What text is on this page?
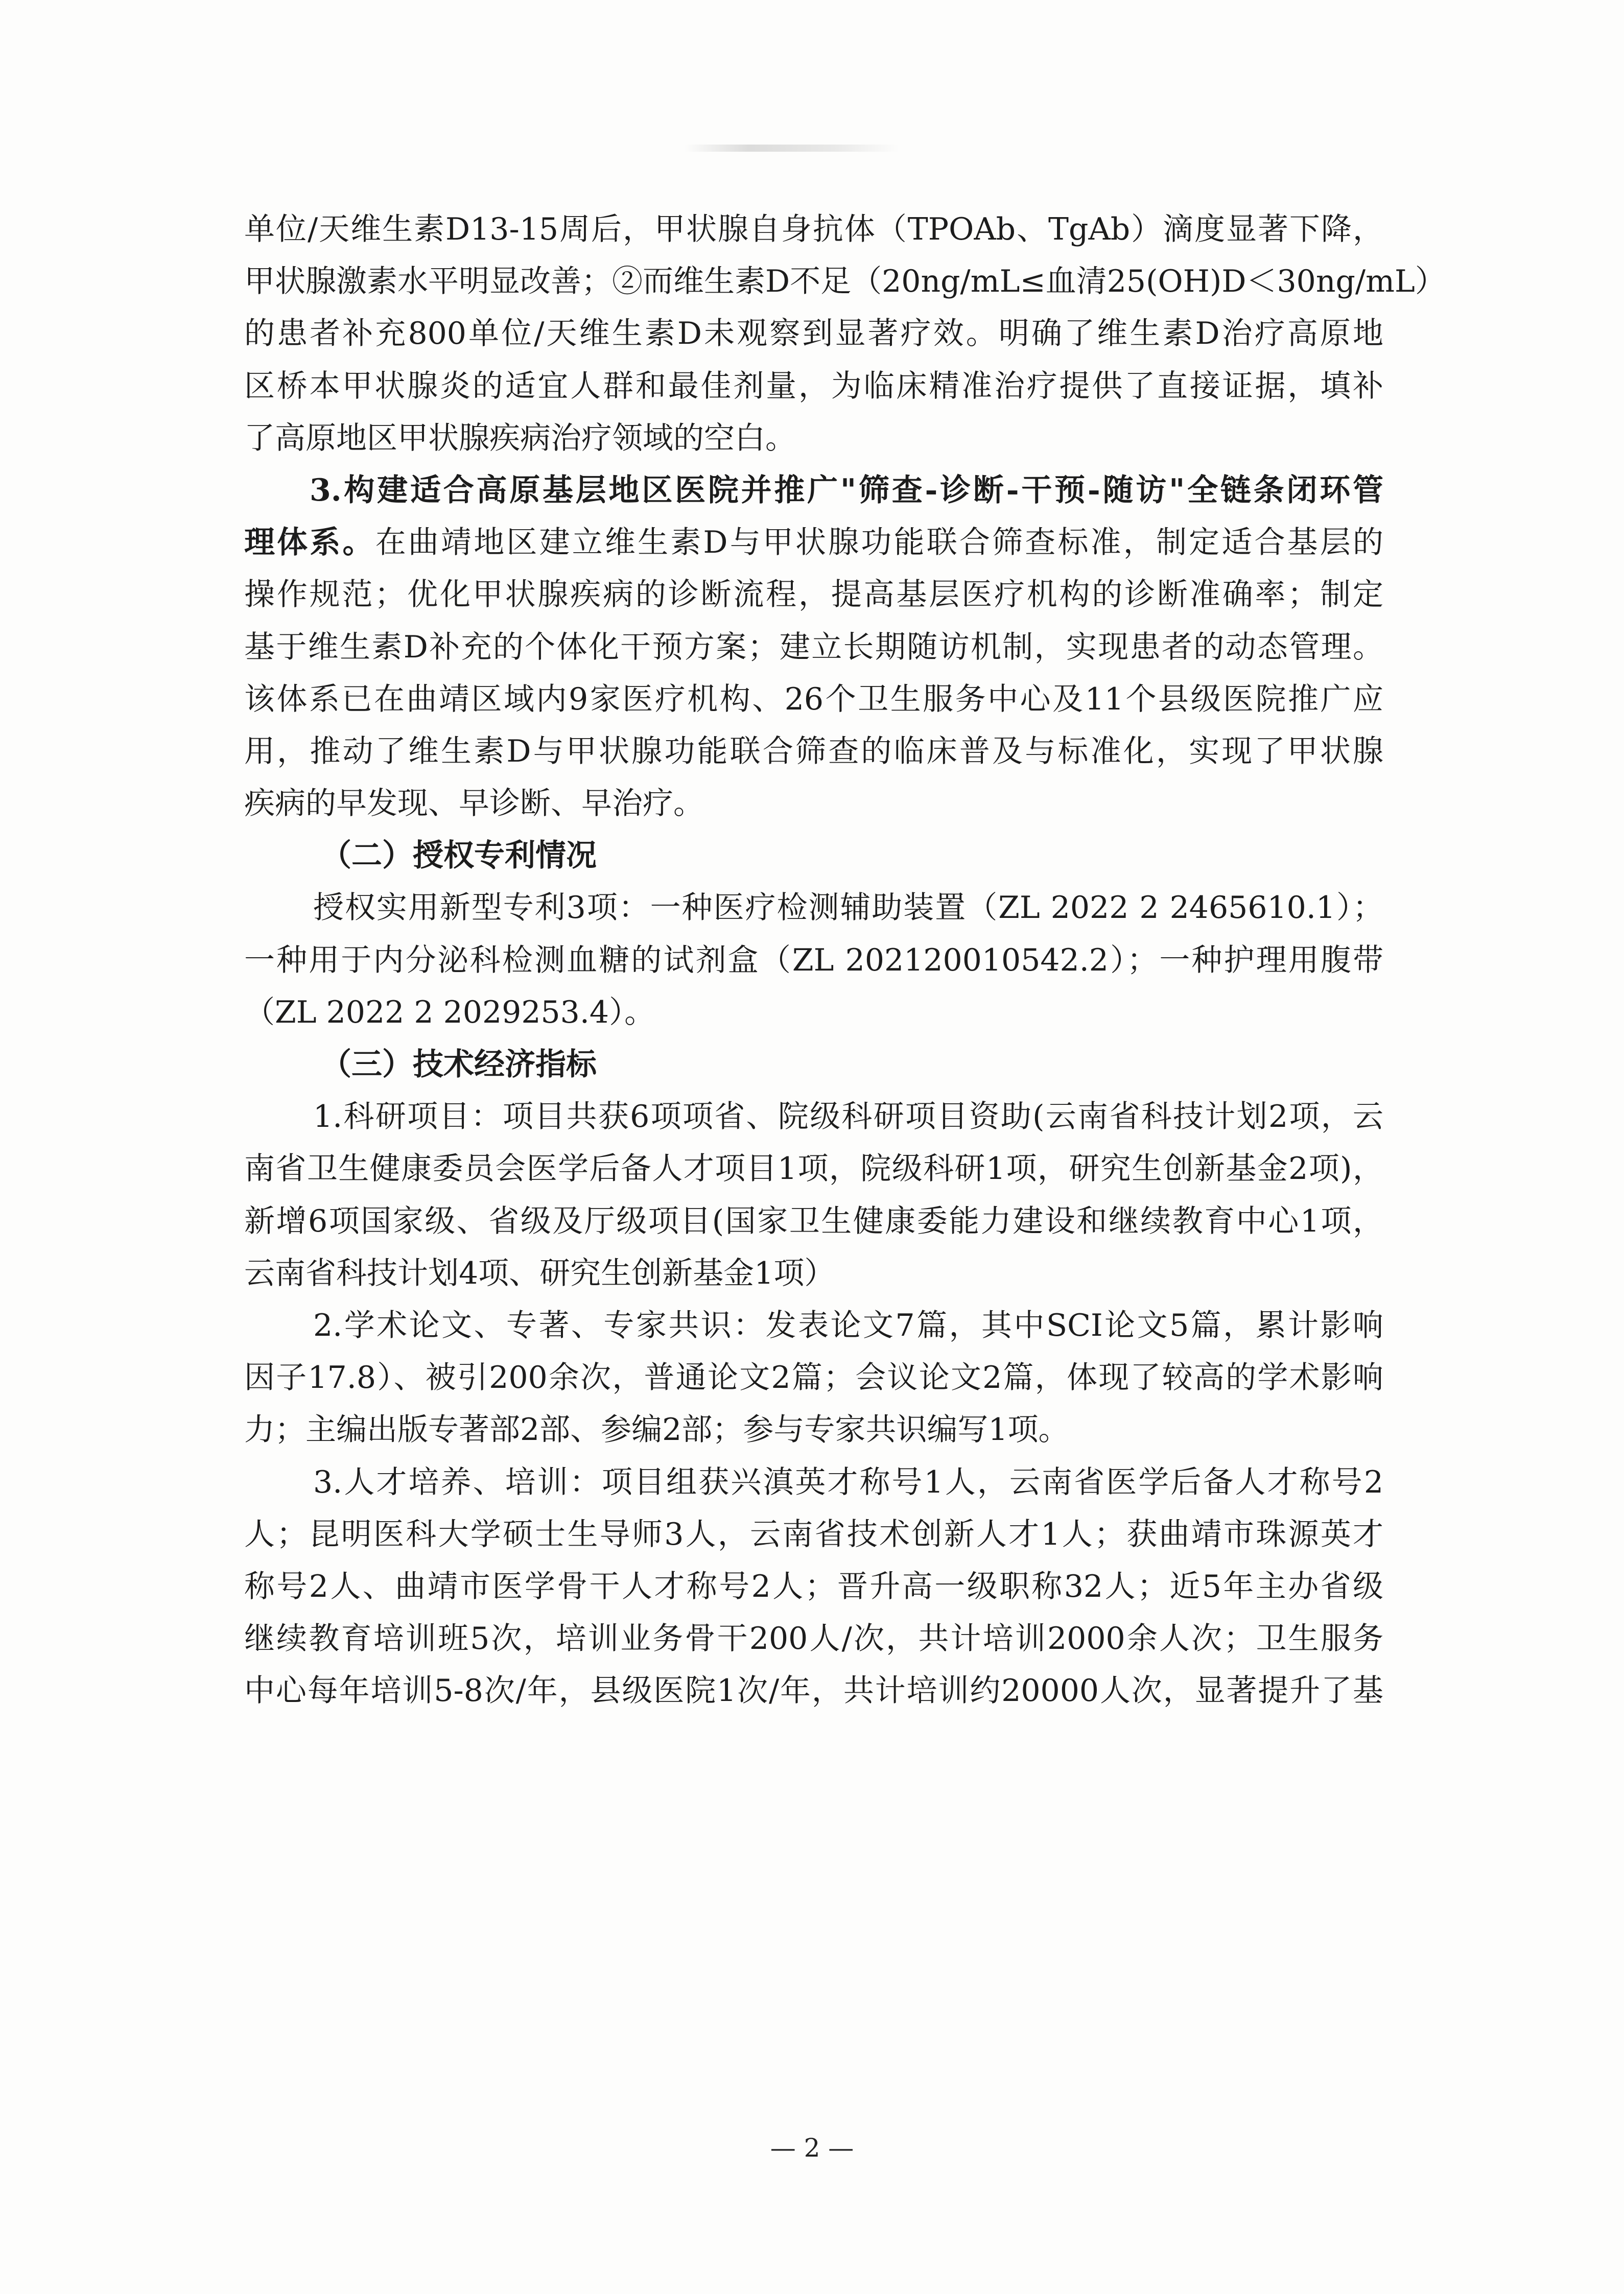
单位/天维生素D13-15周后，甲状腺自身抗体（TPOAb、TgAb）滴度显著下降，
甲状腺激素水平明显改善；②而维生素D不足（20ng/mL≤血清25(OH)D＜30ng/mL）
的患者补充800单位/天维生素D未观察到显著疗效。明确了维生素D治疗高原地
区桥本甲状腺炎的适宜人群和最佳剂量，为临床精准治疗提供了直接证据，填补
了高原地区甲状腺疾病治疗领域的空白。
3.构建适合高原基层地区医院并推广"筛查-诊断-干预-随访"全链条闭环管
理体系。在曲靖地区建立维生素D与甲状腺功能联合筛查标准，制定适合基层的
操作规范；优化甲状腺疾病的诊断流程，提高基层医疗机构的诊断准确率；制定
基于维生素D补充的个体化干预方案；建立长期随访机制，实现患者的动态管理。
该体系已在曲靖区域内9家医疗机构、26个卫生服务中心及11个县级医院推广应
用，推动了维生素D与甲状腺功能联合筛查的临床普及与标准化，实现了甲状腺
疾病的早发现、早诊断、早治疗。
（二）授权专利情况
授权实用新型专利3项：一种医疗检测辅助装置（ZL 2022 2 2465610.1）；
一种用于内分泌科检测血糖的试剂盒（ZL 202120010542.2）；一种护理用腹带
（ZL 2022 2 2029253.4）。
（三）技术经济指标
1.科研项目：项目共获6项项省、院级科研项目资助(云南省科技计划2项，云
南省卫生健康委员会医学后备人才项目1项，院级科研1项，研究生创新基金2项)，
新增6项国家级、省级及厅级项目(国家卫生健康委能力建设和继续教育中心1项，
云南省科技计划4项、研究生创新基金1项）
2.学术论文、专著、专家共识：发表论文7篇，其中SCI论文5篇，累计影响
因子17.8）、被引200余次，普通论文2篇；会议论文2篇，体现了较高的学术影响
力；主编出版专著部2部、参编2部；参与专家共识编写1项。
3.人才培养、培训：项目组获兴滇英才称号1人，云南省医学后备人才称号2
人；昆明医科大学硕士生导师3人，云南省技术创新人才1人；获曲靖市珠源英才
称号2人、曲靖市医学骨干人才称号2人；晋升高一级职称32人；近5年主办省级
继续教育培训班5次，培训业务骨干200人/次，共计培训2000余人次；卫生服务
中心每年培训5-8次/年，县级医院1次/年，共计培训约20000人次，显著提升了基
— 2 —
